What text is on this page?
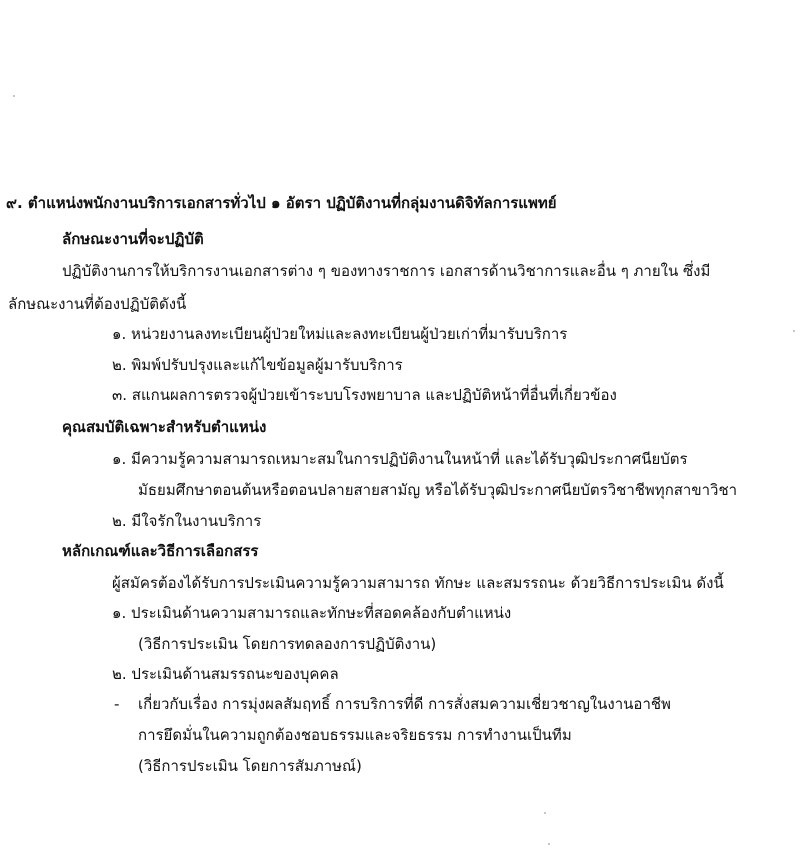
๙. ตำแหน่งพนักงานบริการเอกสารทั่วไป ๑ อัตรา ปฏิบัติงานที่กลุ่มงานดิจิทัลการแพทย์
ลักษณะงานที่จะปฏิบัติ
ปฏิบัติงานการให้บริการงานเอกสารต่าง ๆ ของทางราชการ เอกสารด้านวิชาการและอื่น ๆ ภายใน ซึ่งมี
ลักษณะงานที่ต้องปฏิบัติดังนี้
๑. หน่วยงานลงทะเบียนผู้ป่วยใหม่และลงทะเบียนผู้ป่วยเก่าที่มารับบริการ
๒. พิมพ์ปรับปรุงและแก้ไขข้อมูลผู้มารับบริการ
๓. สแกนผลการตรวจผู้ป่วยเข้าระบบโรงพยาบาล และปฏิบัติหน้าที่อื่นที่เกี่ยวข้อง
คุณสมบัติเฉพาะสำหรับตำแหน่ง
๑. มีความรู้ความสามารถเหมาะสมในการปฏิบัติงานในหน้าที่ และได้รับวุฒิประกาศนียบัตร
มัธยมศึกษาตอนต้นหรือตอนปลายสายสามัญ หรือได้รับวุฒิประกาศนียบัตรวิชาชีพทุกสาขาวิชา
๒. มีใจรักในงานบริการ
หลักเกณฑ์และวิธีการเลือกสรร
ผู้สมัครต้องได้รับการประเมินความรู้ความสามารถ ทักษะ และสมรรถนะ ด้วยวิธีการประเมิน ดังนี้
๑. ประเมินด้านความสามารถและทักษะที่สอดคล้องกับตำแหน่ง
(วิธีการประเมิน โดยการทดลองการปฏิบัติงาน)
๒. ประเมินด้านสมรรถนะของบุคคล
- เกี่ยวกับเรื่อง การมุ่งผลสัมฤทธิ์ การบริการที่ดี การสั่งสมความเชี่ยวชาญในงานอาชีพ
การยึดมั่นในความถูกต้องชอบธรรมและจริยธรรม การทำงานเป็นทีม
(วิธีการประเมิน โดยการสัมภาษณ์)
